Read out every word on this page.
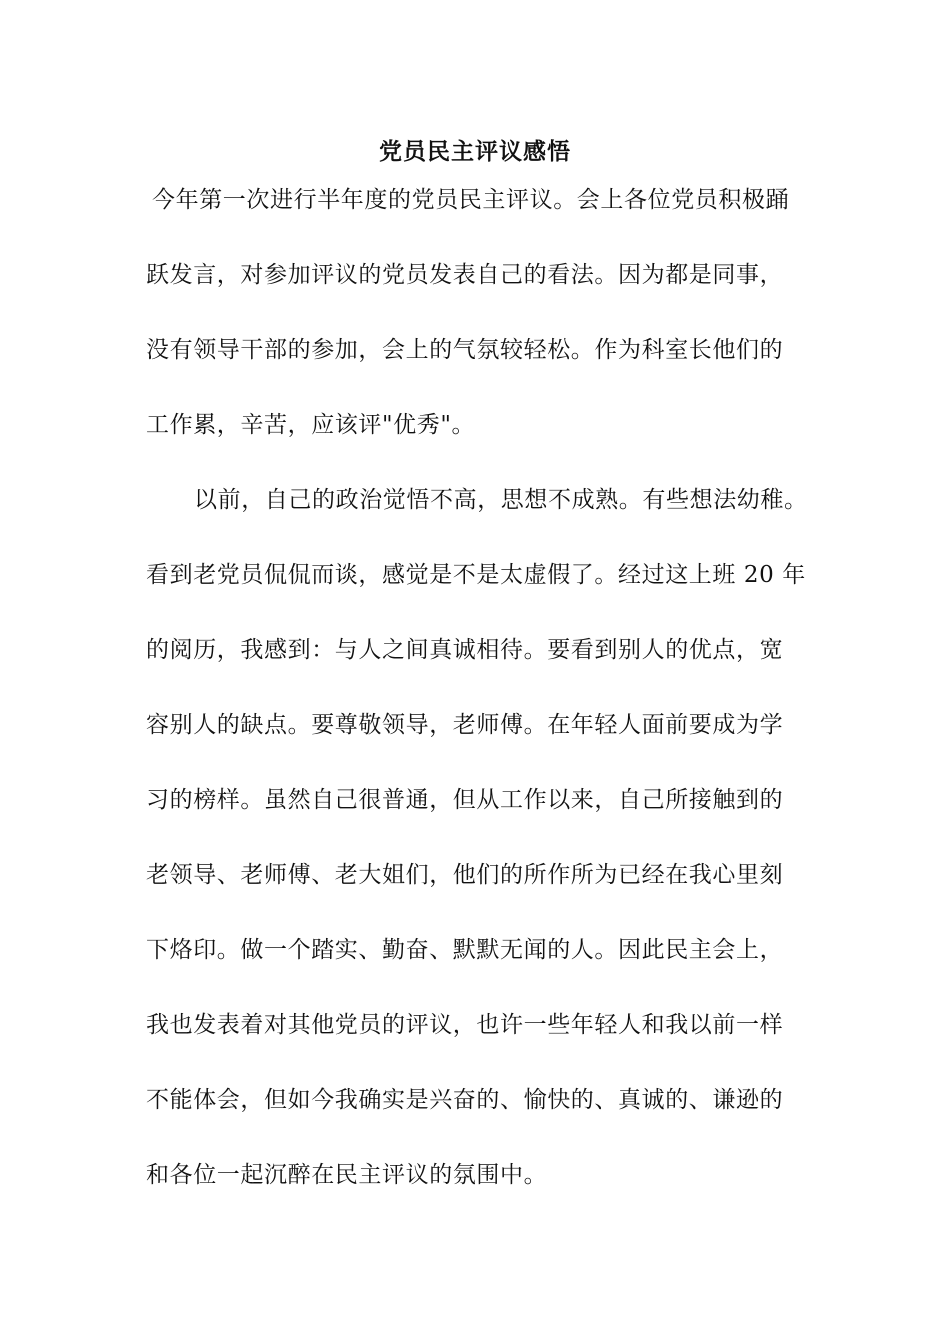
党员民主评议感悟
今年第一次进行半年度的党员民主评议。会上各位党员积极踊
跃发言，对参加评议的党员发表自己的看法。因为都是同事，
没有领导干部的参加，会上的气氛较轻松。作为科室长他们的
工作累，辛苦，应该评"优秀"。
以前，自己的政治觉悟不高，思想不成熟。有些想法幼稚。
看到老党员侃侃而谈，感觉是不是太虚假了。经过这上班 20 年
的阅历，我感到：与人之间真诚相待。要看到别人的优点，宽
容别人的缺点。要尊敬领导，老师傅。在年轻人面前要成为学
习的榜样。虽然自己很普通，但从工作以来，自己所接触到的
老领导、老师傅、老大姐们，他们的所作所为已经在我心里刻
下烙印。做一个踏实、勤奋、默默无闻的人。因此民主会上，
我也发表着对其他党员的评议，也许一些年轻人和我以前一样
不能体会，但如今我确实是兴奋的、愉快的、真诚的、谦逊的
和各位一起沉醉在民主评议的氛围中。
